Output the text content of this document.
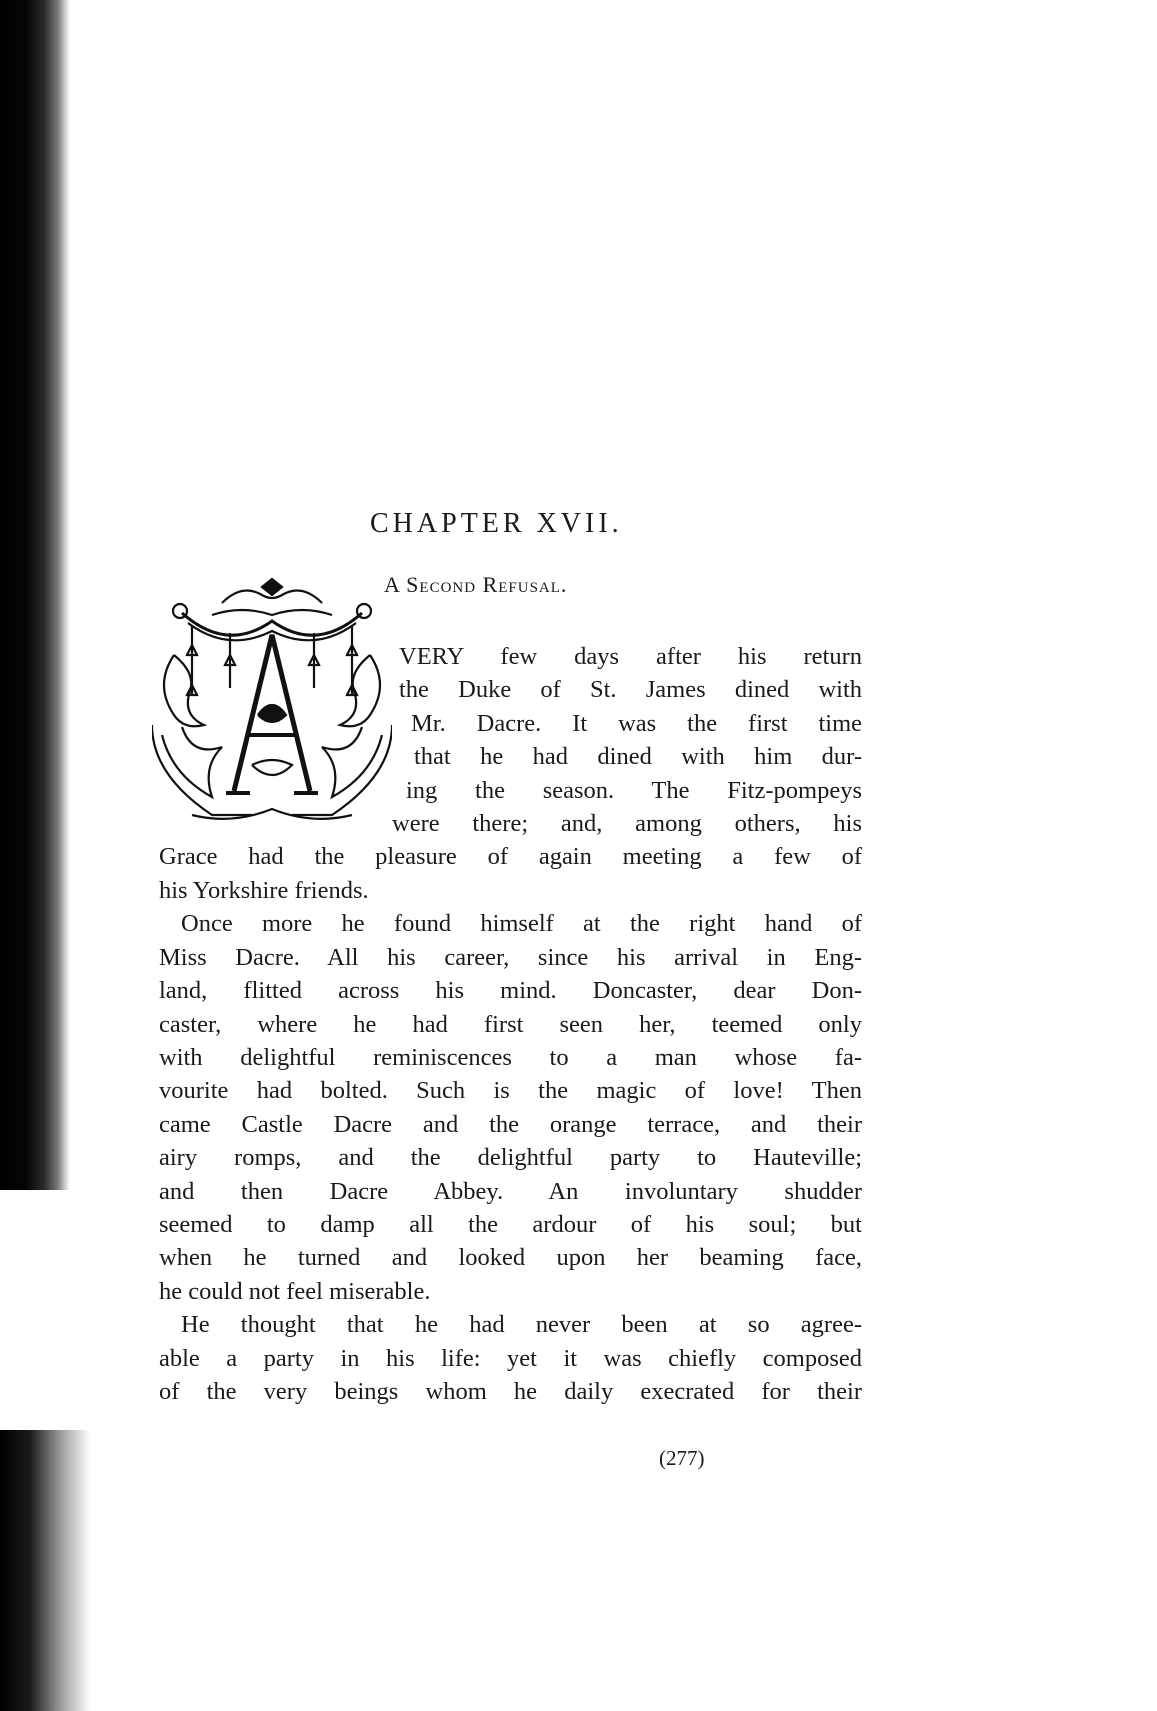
CHAPTER XVII.
A Second Refusal.

VERY few days after his return

the Duke of St. James dined with

Mr. Dacre. It was the first time

that he had dined with him dur-

ing the season. The Fitz-pompeys

were there; and, among others, his

Grace had the pleasure of again meeting a few of

his Yorkshire friends.

Once more he found himself at the right hand of

Miss Dacre. All his career, since his arrival in Eng-

land, flitted across his mind. Doncaster, dear Don-

caster, where he had first seen her, teemed only

with delightful reminiscences to a man whose fa-

vourite had bolted. Such is the magic of love! Then

came Castle Dacre and the orange terrace, and their

airy romps, and the delightful party to Hauteville;

and then Dacre Abbey. An involuntary shudder

seemed to damp all the ardour of his soul; but

when he turned and looked upon her beaming face,

he could not feel miserable.

He thought that he had never been at so agree-

able a party in his life: yet it was chiefly composed

of the very beings whom he daily execrated for their

(277)
